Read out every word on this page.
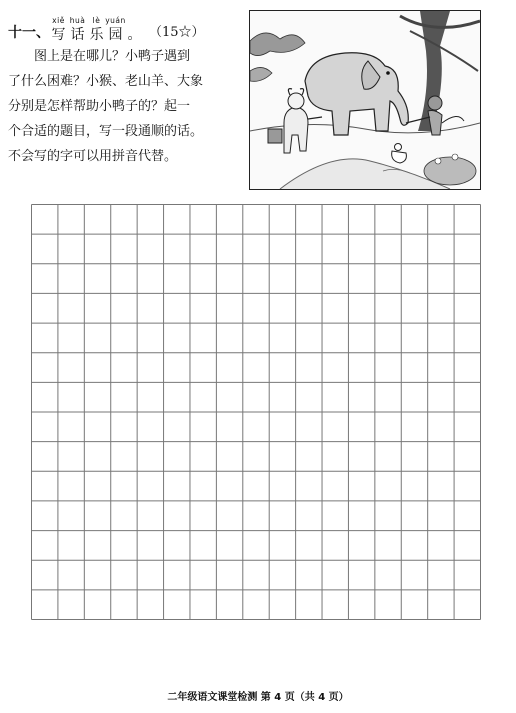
十一、
xiě
写
huà
话
lè
乐
yuán
园 。 （15☆）
图上是在哪儿？小鸭子遇到
了什么困难？小猴、老山羊、大象
分别是怎样帮助小鸭子的？起一
个合适的题目，写一段通顺的话。
不会写的字可以用拼音代替。
二年级语文课堂检测 第 4 页（共 4 页）
